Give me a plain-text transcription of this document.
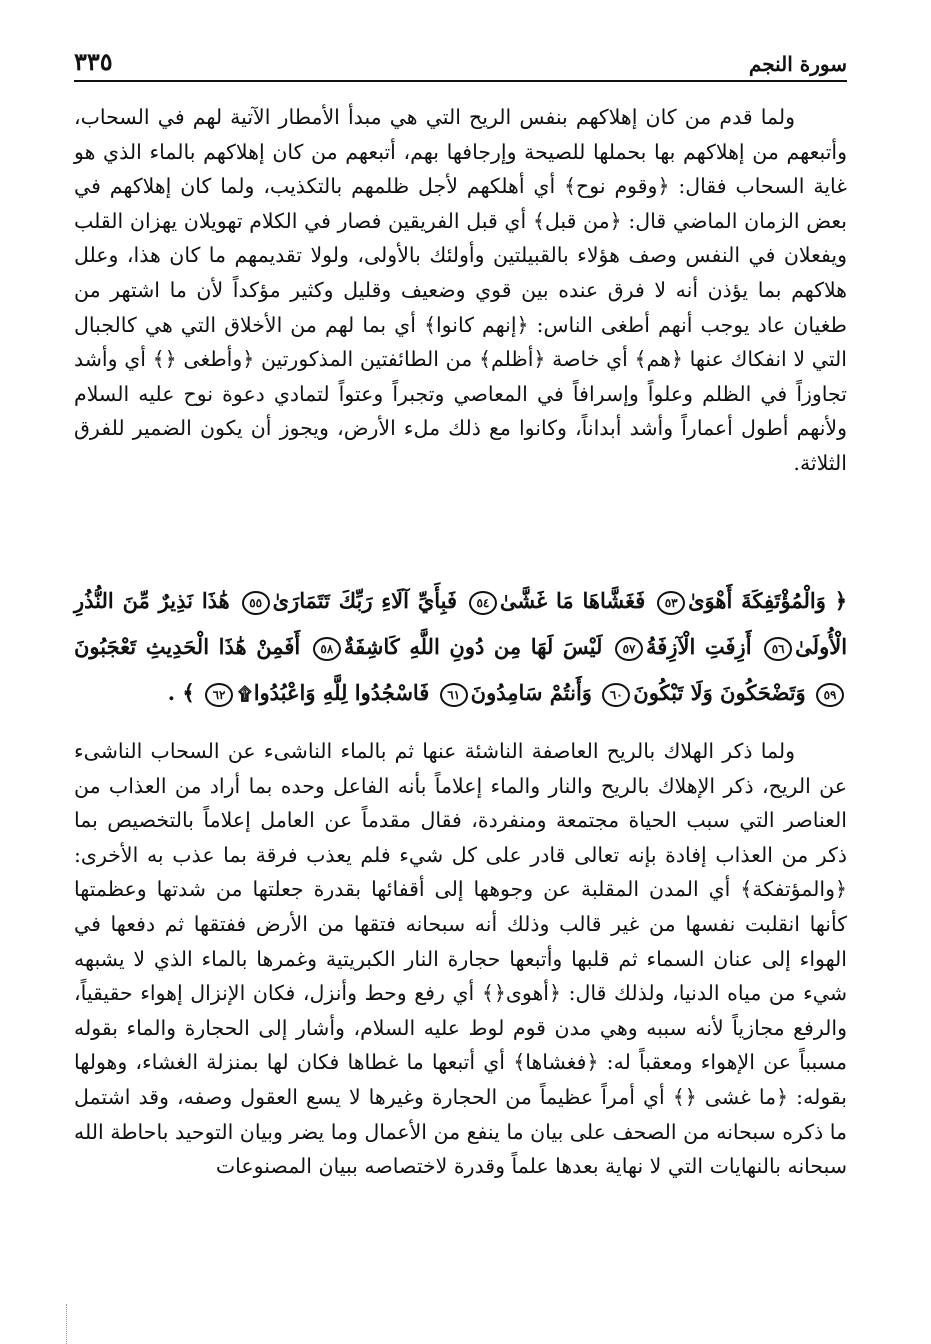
سورة النجم
٣٣٥

ولما قدم من كان إهلاكهم بنفس الريح التي هي مبدأ الأمطار الآتية لهم في السحاب، وأتبعهم من إهلاكهم بها بحملها للصيحة وإرجافها بهم، أتبعهم من كان إهلاكهم بالماء الذي هو غاية السحاب فقال: ﴿وقوم نوح﴾ أي أهلكهم لأجل ظلمهم بالتكذيب، ولما كان إهلاكهم في بعض الزمان الماضي قال: ﴿من قبل﴾ أي قبل الفريقين فصار في الكلام تهويلان يهزان القلب ويفعلان في النفس وصف هؤلاء بالقبيلتين وأولئك بالأولى، ولولا تقديمهم ما كان هذا، وعلل هلاكهم بما يؤذن أنه لا فرق عنده بين قوي وضعيف وقليل وكثير مؤكداً لأن ما اشتهر من طغيان عاد يوجب أنهم أطغى الناس: ﴿إنهم كانوا﴾ أي بما لهم من الأخلاق التي هي كالجبال التي لا انفكاك عنها ﴿هم﴾ أي خاصة ﴿أظلم﴾ من الطائفتين المذكورتين ﴿وأطغى ﴿﴾ أي وأشد تجاوزاً في الظلم وعلواً وإسرافاً في المعاصي وتجبراً وعتواً لتمادي دعوة نوح عليه السلام ولأنهم أطول أعماراً وأشد أبداناً، وكانوا مع ذلك ملء الأرض، ويجوز أن يكون الضمير للفرق الثلاثة.

﴿ وَالْمُؤْتَفِكَةَ أَهْوَىٰ٥٣ فَغَشَّاهَا مَا غَشَّىٰ٥٤ فَبِأَيِّ آلَاءِ رَبِّكَ تَتَمَارَىٰ٥٥ هَٰذَا نَذِيرٌ مِّنَ النُّذُرِ الْأُولَىٰ٥٦ أَزِفَتِ الْآزِفَةُ٥٧ لَيْسَ لَهَا مِن دُونِ اللَّهِ كَاشِفَةٌ٥٨ أَفَمِنْ هَٰذَا الْحَدِيثِ تَعْجَبُونَ٥٩ وَتَضْحَكُونَ وَلَا تَبْكُونَ٦٠ وَأَنتُمْ سَامِدُونَ٦١ فَاسْجُدُوا لِلَّهِ وَاعْبُدُوا۩٦٢ ﴾ .

ولما ذكر الهلاك بالريح العاصفة الناشئة عنها ثم بالماء الناشىء عن السحاب الناشىء عن الريح، ذكر الإهلاك بالريح والنار والماء إعلاماً بأنه الفاعل وحده بما أراد من العذاب من العناصر التي سبب الحياة مجتمعة ومنفردة، فقال مقدماً عن العامل إعلاماً بالتخصيص بما ذكر من العذاب إفادة بإنه تعالى قادر على كل شيء فلم يعذب فرقة بما عذب به الأخرى: ﴿والمؤتفكة﴾ أي المدن المقلبة عن وجوهها إلى أقفائها بقدرة جعلتها من شدتها وعظمتها كأنها انقلبت نفسها من غير قالب وذلك أنه سبحانه فتقها من الأرض ففتقها ثم دفعها في الهواء إلى عنان السماء ثم قلبها وأتبعها حجارة النار الكبريتية وغمرها بالماء الذي لا يشبهه شيء من مياه الدنيا، ولذلك قال: ﴿أهوى﴿﴾ أي رفع وحط وأنزل، فكان الإنزال إهواء حقيقياً، والرفع مجازياً لأنه سببه وهي مدن قوم لوط عليه السلام، وأشار إلى الحجارة والماء بقوله مسبباً عن الإهواء ومعقباً له: ﴿فغشاها﴾ أي أتبعها ما غطاها فكان لها بمنزلة الغشاء، وهولها بقوله: ﴿ما غشى ﴿﴾ أي أمراً عظيماً من الحجارة وغيرها لا يسع العقول وصفه، وقد اشتمل ما ذكره سبحانه من الصحف على بيان ما ينفع من الأعمال وما يضر وبيان التوحيد باحاطة الله سبحانه بالنهايات التي لا نهاية بعدها علماً وقدرة لاختصاصه ببيان المصنوعات
